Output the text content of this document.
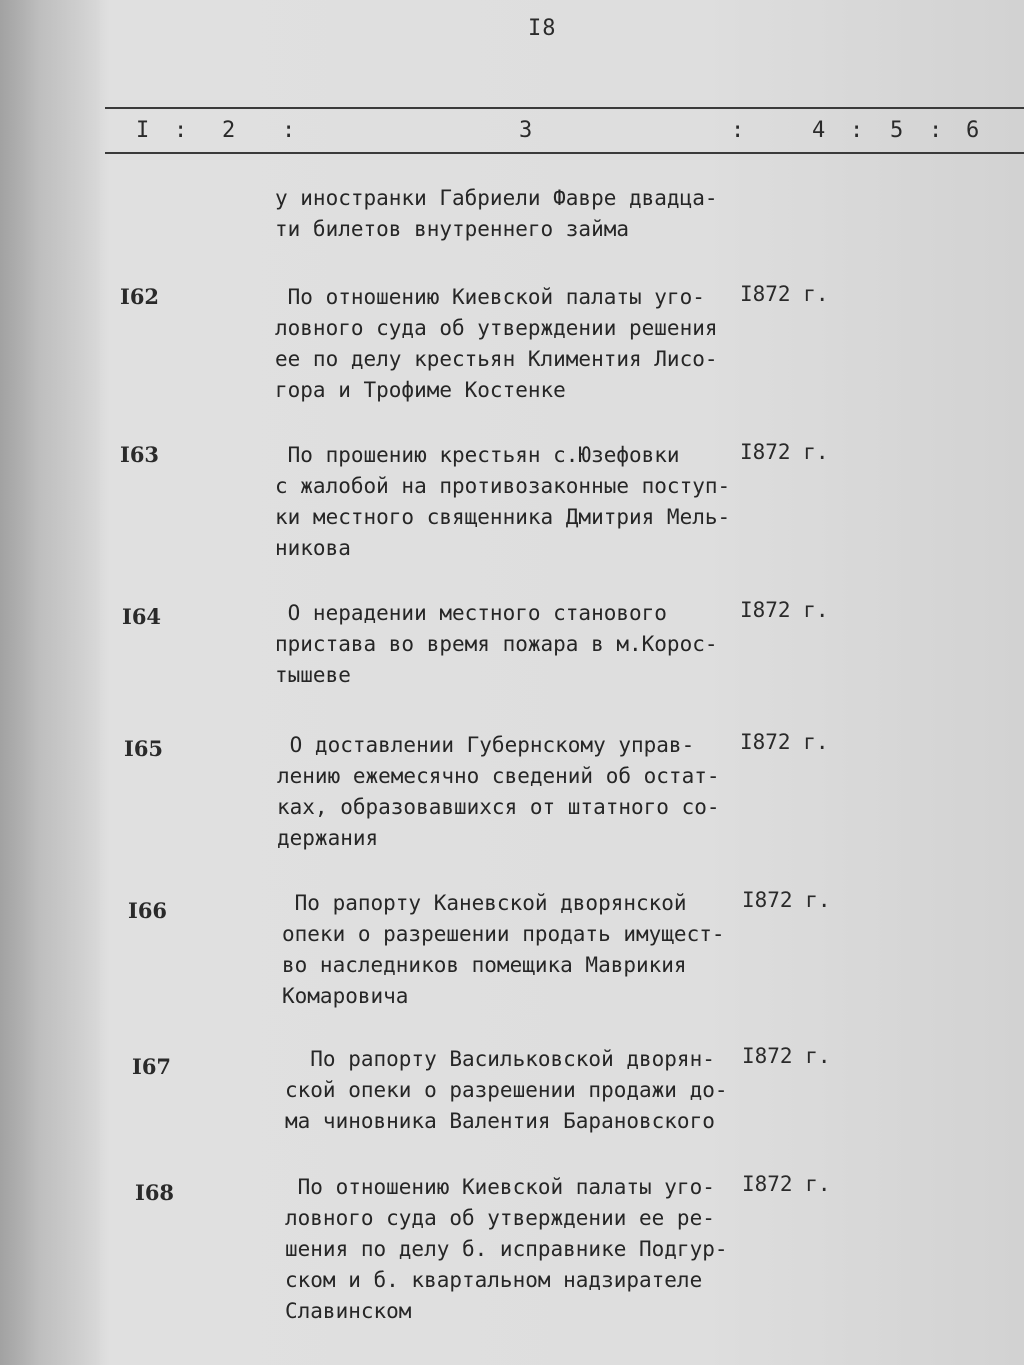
I8
I : 2 :	3	:	4 : 5 : 6
у иностранки Габриели Фавре двадца-
ти билетов внутреннего займа
I62	По отношению Киевской палаты уго-
ловного суда об утверждении решения
ее по делу крестьян Климентия Лисо-
гора и Трофиме Костенке
I872 г.
I63	По прошению крестьян с.Юзефовки
с жалобой на противозаконные поступ-
ки местного священника Дмитрия Мель-
никова
I872 г.
I64	О нерадении местного станового
пристава во время пожара в м.Корос-
тышеве
I872 г.
I65	О доставлении Губернскому управ-
лению ежемесячно сведений об остат-
ках, образовавшихся от штатного со-
держания
I872 г.
I66	По рапорту Каневской дворянской
опеки о разрешении продать имущест-
во наследников помещика Маврикия
Комаровича
I872 г.
I67	По рапорту Васильковской дворян-
ской опеки о разрешении продажи до-
ма чиновника Валентия Барановского
I872 г.
I68	По отношению Киевской палаты уго-
ловного суда об утверждении ее ре-
шения по делу б. исправнике Подгур-
ском и б. квартальном надзирателе
Славинском
I872 г.
